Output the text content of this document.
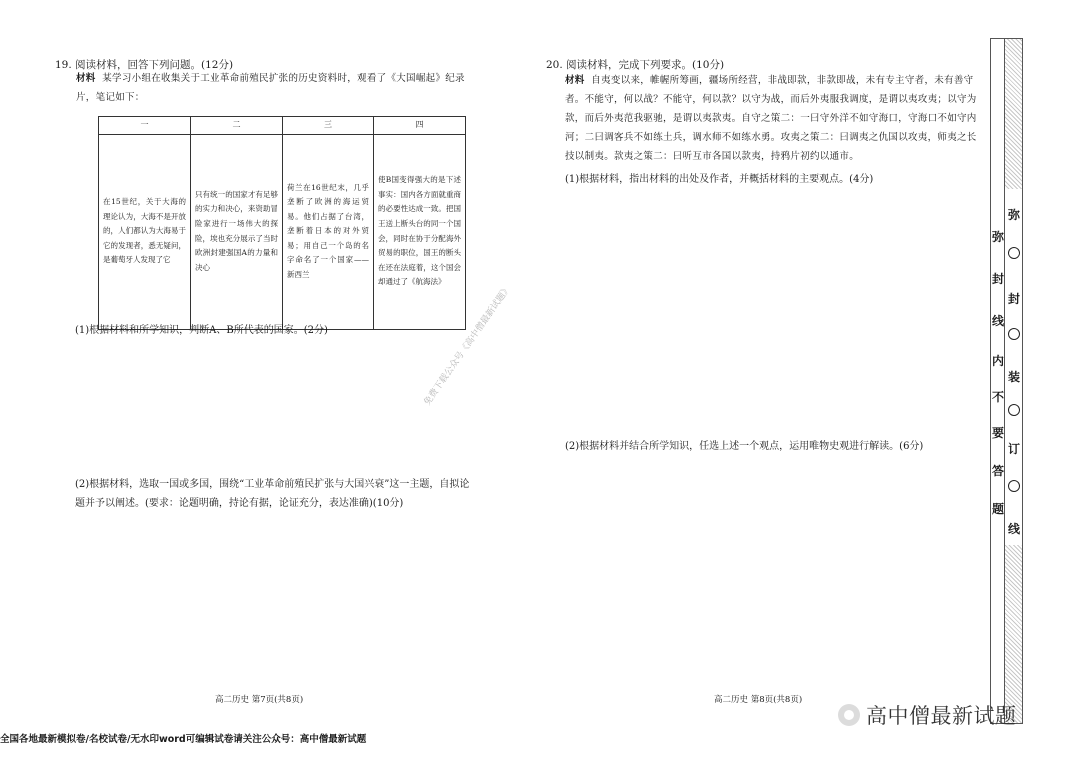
19. 阅读材料，回答下列问题。(12分)
材料 某学习小组在收集关于工业革命前殖民扩张的历史资料时，观看了《大国崛起》纪录片，笔记如下：
一	二	三	四
在15世纪，关于大海的理论认为，大海不是开放的，人们都认为大海易于它的发现者，悉无疑问，是葡萄牙人发现了它	只有统一的国家才有足够的实力和决心，来资助冒险家进行一场伟大的探险，埃也充分展示了当时欧洲封建强国A的力量和决心	荷兰在16世纪末，几乎垄断了欧洲的海运贸易。他们占据了台湾，垄断着日本的对外贸易；用自己一个岛的名字命名了一个国家——新西兰	使B国变得强大的是下述事实：国内各方面就重商的必要性达成一致。把国王送上断头台的同一个国会，同时在协于分配海外贸易的职位，国王的断头在还在法庭着，这个国会却通过了《航海法》
(1)根据材料和所学知识，判断A、B所代表的国家。(2分)
(2)根据材料，选取一国或多国，围绕“工业革命前殖民扩张与大国兴衰”这一主题，自拟论
题并予以阐述。(要求：论题明确，持论有据，论证充分，表达准确)(10分)
高二历史 第7页(共8页)
20. 阅读材料，完成下列要求。(10分)
材料 自夷变以来，帷幄所筹画，疆场所经营，非战即款，非款即战，未有专主守者，未有善守者。不能守，何以战？不能守，何以款？以守为战，而后外夷服我调度，是谓以夷攻夷；以守为款，而后外夷范我驱驰，是谓以夷款夷。自守之策二：一曰守外洋不如守海口，守海口不如守内河；二曰调客兵不如练土兵，调水师不如练水勇。攻夷之策二：曰调夷之仇国以攻夷，师夷之长技以制夷。款夷之策二：曰听互市各国以款夷，持鸦片初约以通市。
(1)根据材料，指出材料的出处及作者，并概括材料的主要观点。(4分)
(2)根据材料并结合所学知识，任选上述一个观点，运用唯物史观进行解读。(6分)
高二历史 第8页(共8页)
弥
封
线
内
不
要
答
题
弥
封
装
订
线
免费下载公众号《高中僧最新试题》
高中僧最新试题
全国各地最新模拟卷/名校试卷/无水印word可编辑试卷请关注公众号：高中僧最新试题
